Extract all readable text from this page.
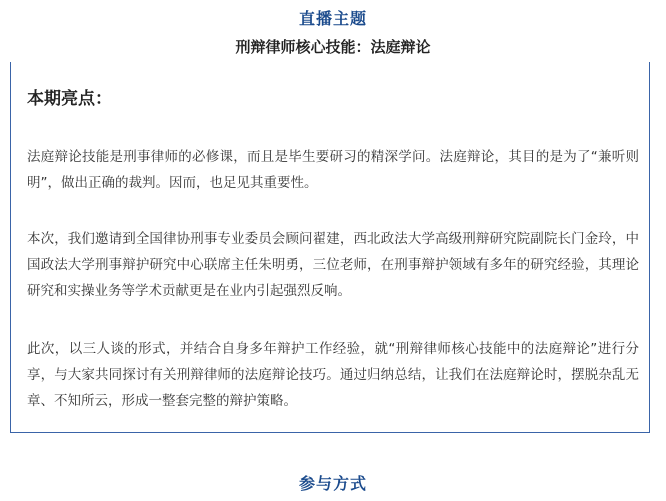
直播主题
刑辩律师核心技能：法庭辩论
本期亮点：

法庭辩论技能是刑事律师的必修课，而且是毕生要研习的精深学问。法庭辩论，其目的是为了“兼听则明”，做出正确的裁判。因而，也足见其重要性。

本次，我们邀请到全国律协刑事专业委员会顾问翟建，西北政法大学高级刑辩研究院副院长门金玲，中国政法大学刑事辩护研究中心联席主任朱明勇，三位老师，在刑事辩护领域有多年的研究经验，其理论研究和实操业务等学术贡献更是在业内引起强烈反响。

此次，以三人谈的形式，并结合自身多年辩护工作经验，就“刑辩律师核心技能中的法庭辩论”进行分享，与大家共同探讨有关刑辩律师的法庭辩论技巧。通过归纳总结，让我们在法庭辩论时，摆脱杂乱无章、不知所云，形成一整套完整的辩护策略。

参与方式
